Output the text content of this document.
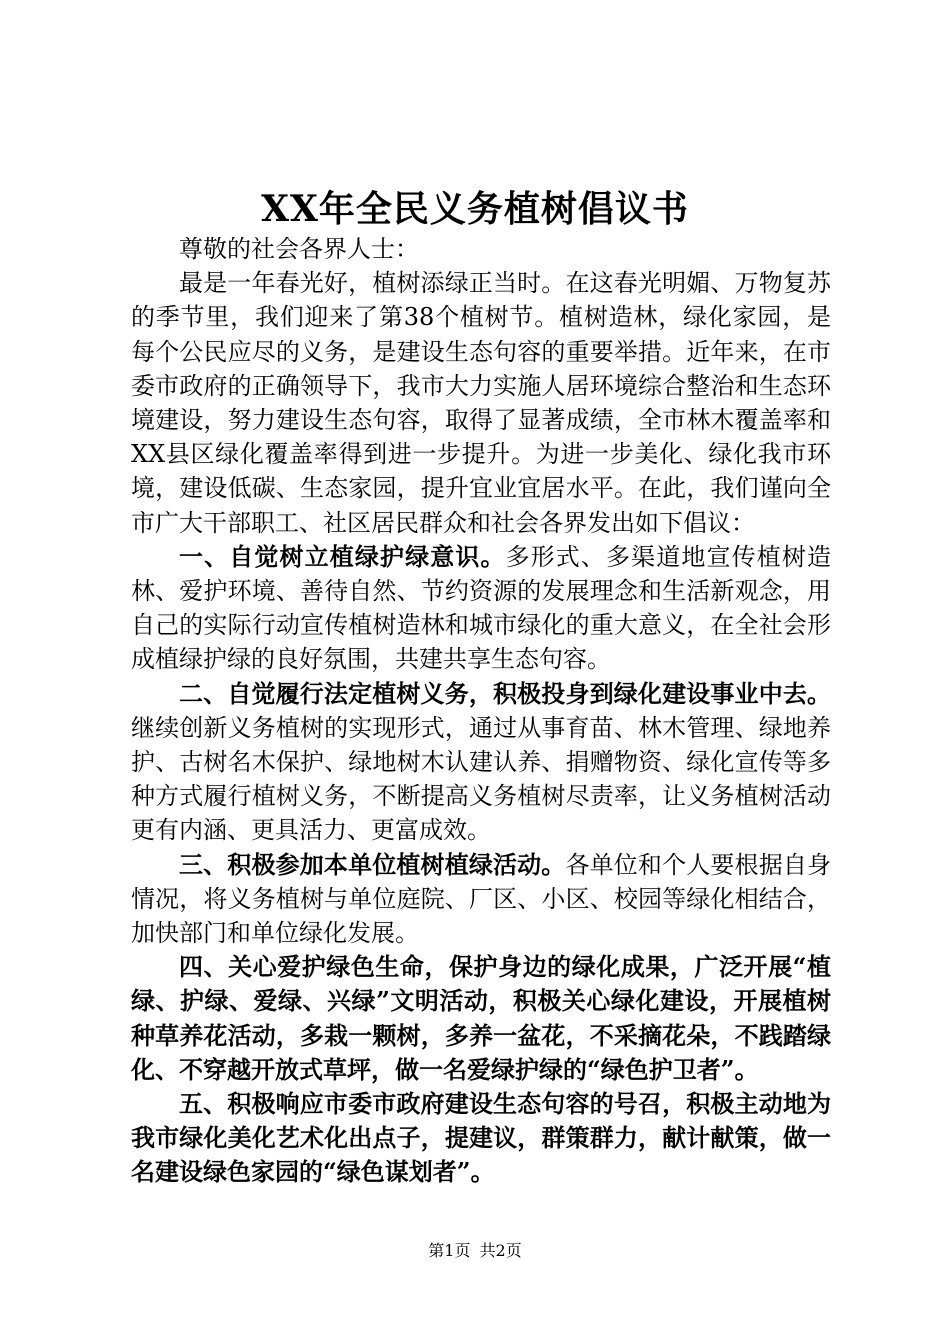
XX年全民义务植树倡议书

尊敬的社会各界人士：

最是一年春光好，植树添绿正当时。在这春光明媚、万物复苏的季节里，我们迎来了第38个植树节。植树造林，绿化家园，是每个公民应尽的义务，是建设生态句容的重要举措。近年来，在市委市政府的正确领导下，我市大力实施人居环境综合整治和生态环境建设，努力建设生态句容，取得了显著成绩，全市林木覆盖率和XX县区绿化覆盖率得到进一步提升。为进一步美化、绿化我市环境，建设低碳、生态家园，提升宜业宜居水平。在此，我们谨向全市广大干部职工、社区居民群众和社会各界发出如下倡议：

一、自觉树立植绿护绿意识。多形式、多渠道地宣传植树造林、爱护环境、善待自然、节约资源的发展理念和生活新观念，用自己的实际行动宣传植树造林和城市绿化的重大意义，在全社会形成植绿护绿的良好氛围，共建共享生态句容。

二、自觉履行法定植树义务，积极投身到绿化建设事业中去。继续创新义务植树的实现形式，通过从事育苗、林木管理、绿地养护、古树名木保护、绿地树木认建认养、捐赠物资、绿化宣传等多种方式履行植树义务，不断提高义务植树尽责率，让义务植树活动更有内涵、更具活力、更富成效。

三、积极参加本单位植树植绿活动。各单位和个人要根据自身情况，将义务植树与单位庭院、厂区、小区、校园等绿化相结合，加快部门和单位绿化发展。

四、关心爱护绿色生命，保护身边的绿化成果，广泛开展“植绿、护绿、爱绿、兴绿”文明活动，积极关心绿化建设，开展植树种草养花活动，多栽一颗树，多养一盆花，不采摘花朵，不践踏绿化、不穿越开放式草坪，做一名爱绿护绿的“绿色护卫者”。

五、积极响应市委市政府建设生态句容的号召，积极主动地为我市绿化美化艺术化出点子，提建议，群策群力，献计献策，做一名建设绿色家园的“绿色谋划者”。

第1页 共2页
